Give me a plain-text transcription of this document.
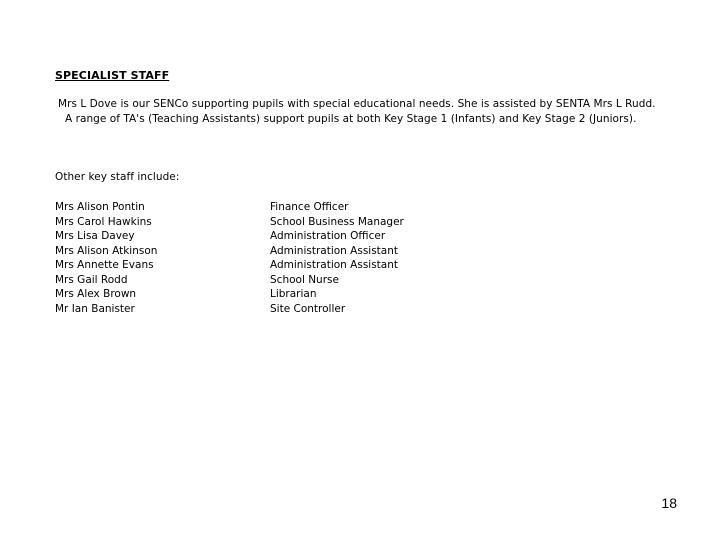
SPECIALIST STAFF
Mrs L Dove is our SENCo supporting pupils with special educational needs. She is assisted by SENTA Mrs L Rudd.
A range of TA's (Teaching Assistants) support pupils at both Key Stage 1 (Infants) and Key Stage 2 (Juniors).
Other key staff include:
Mrs Alison Pontin	Finance Officer
Mrs Carol Hawkins	School Business Manager
Mrs Lisa Davey	Administration Officer
Mrs Alison Atkinson	Administration Assistant
Mrs Annette Evans	Administration Assistant
Mrs Gail Rodd	School Nurse
Mrs Alex Brown	Librarian
Mr Ian Banister	Site Controller
18
